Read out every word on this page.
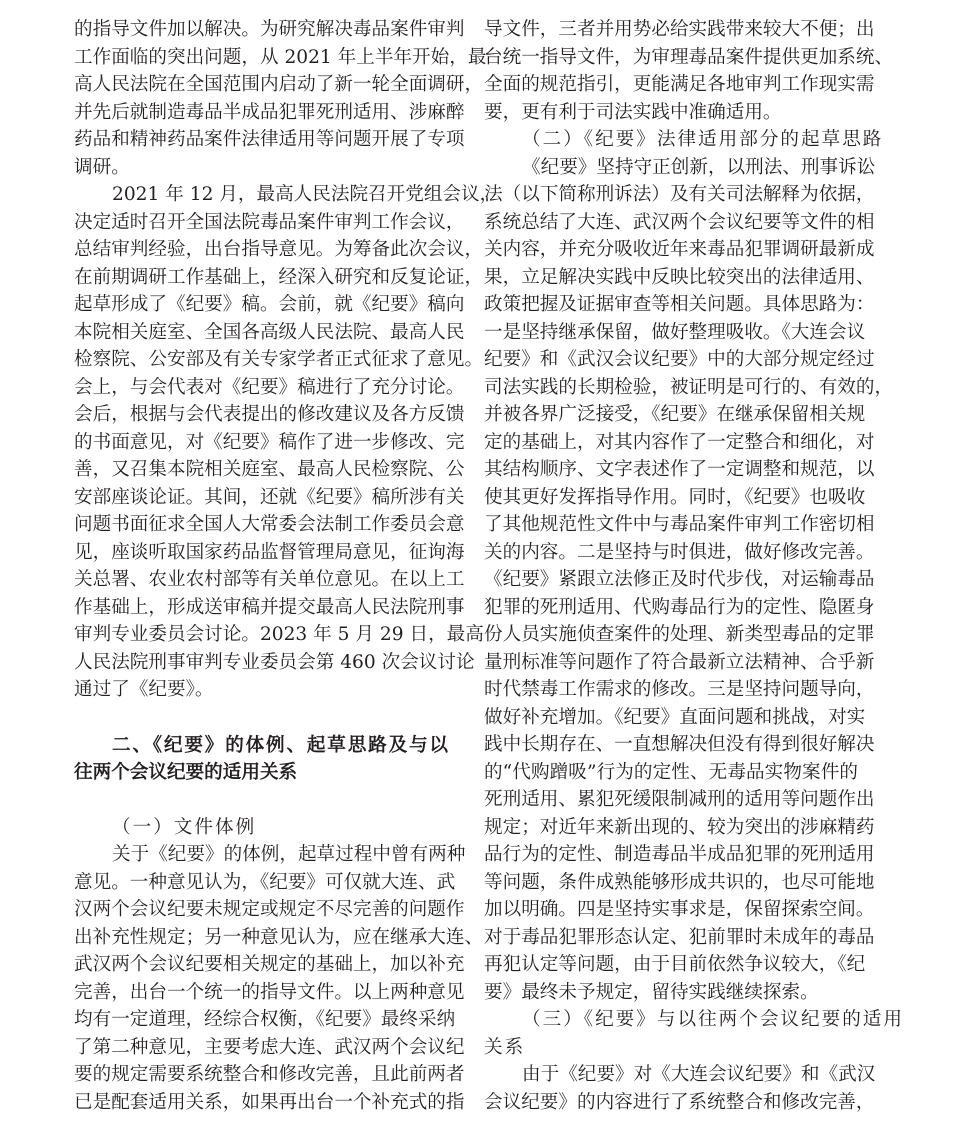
的指导文件加以解决。为研究解决毒品案件审判
工作面临的突出问题，从 2021 年上半年开始，最
高人民法院在全国范围内启动了新一轮全面调研，
并先后就制造毒品半成品犯罪死刑适用、涉麻醉
药品和精神药品案件法律适用等问题开展了专项
调研。
2021 年 12 月，最高人民法院召开党组会议，
决定适时召开全国法院毒品案件审判工作会议，
总结审判经验，出台指导意见。为筹备此次会议，
在前期调研工作基础上，经深入研究和反复论证，
起草形成了《纪要》稿。会前，就《纪要》稿向
本院相关庭室、全国各高级人民法院、最高人民
检察院、公安部及有关专家学者正式征求了意见。
会上，与会代表对《纪要》稿进行了充分讨论。
会后，根据与会代表提出的修改建议及各方反馈
的书面意见，对《纪要》稿作了进一步修改、完
善，又召集本院相关庭室、最高人民检察院、公
安部座谈论证。其间，还就《纪要》稿所涉有关
问题书面征求全国人大常委会法制工作委员会意
见，座谈听取国家药品监督管理局意见，征询海
关总署、农业农村部等有关单位意见。在以上工
作基础上，形成送审稿并提交最高人民法院刑事
审判专业委员会讨论。2023 年 5 月 29 日，最高
人民法院刑事审判专业委员会第 460 次会议讨论
通过了《纪要》。
二、《纪要》的体例、起草思路及与以
往两个会议纪要的适用关系
（一）文件体例
关于《纪要》的体例，起草过程中曾有两种
意见。一种意见认为，《纪要》可仅就大连、武
汉两个会议纪要未规定或规定不尽完善的问题作
出补充性规定；另一种意见认为，应在继承大连、
武汉两个会议纪要相关规定的基础上，加以补充
完善，出台一个统一的指导文件。以上两种意见
均有一定道理，经综合权衡，《纪要》最终采纳
了第二种意见，主要考虑大连、武汉两个会议纪
要的规定需要系统整合和修改完善，且此前两者
已是配套适用关系，如果再出台一个补充式的指
导文件，三者并用势必给实践带来较大不便；出
台统一指导文件，为审理毒品案件提供更加系统、
全面的规范指引，更能满足各地审判工作现实需
要，更有利于司法实践中准确适用。
（二）《纪要》法律适用部分的起草思路
《纪要》坚持守正创新，以刑法、刑事诉讼
法（以下简称刑诉法）及有关司法解释为依据，
系统总结了大连、武汉两个会议纪要等文件的相
关内容，并充分吸收近年来毒品犯罪调研最新成
果，立足解决实践中反映比较突出的法律适用、
政策把握及证据审查等相关问题。具体思路为：
一是坚持继承保留，做好整理吸收。《大连会议
纪要》和《武汉会议纪要》中的大部分规定经过
司法实践的长期检验，被证明是可行的、有效的，
并被各界广泛接受，《纪要》在继承保留相关规
定的基础上，对其内容作了一定整合和细化，对
其结构顺序、文字表述作了一定调整和规范，以
使其更好发挥指导作用。同时，《纪要》也吸收
了其他规范性文件中与毒品案件审判工作密切相
关的内容。二是坚持与时俱进，做好修改完善。
《纪要》紧跟立法修正及时代步伐，对运输毒品
犯罪的死刑适用、代购毒品行为的定性、隐匿身
份人员实施侦查案件的处理、新类型毒品的定罪
量刑标准等问题作了符合最新立法精神、合乎新
时代禁毒工作需求的修改。三是坚持问题导向，
做好补充增加。《纪要》直面问题和挑战，对实
践中长期存在、一直想解决但没有得到很好解决
的“代购蹭吸”行为的定性、无毒品实物案件的
死刑适用、累犯死缓限制减刑的适用等问题作出
规定；对近年来新出现的、较为突出的涉麻精药
品行为的定性、制造毒品半成品犯罪的死刑适用
等问题，条件成熟能够形成共识的，也尽可能地
加以明确。四是坚持实事求是，保留探索空间。
对于毒品犯罪形态认定、犯前罪时未成年的毒品
再犯认定等问题，由于目前依然争议较大，《纪
要》最终未予规定，留待实践继续探索。
（三）《纪要》与以往两个会议纪要的适用
关系
由于《纪要》对《大连会议纪要》和《武汉
会议纪要》的内容进行了系统整合和修改完善，
